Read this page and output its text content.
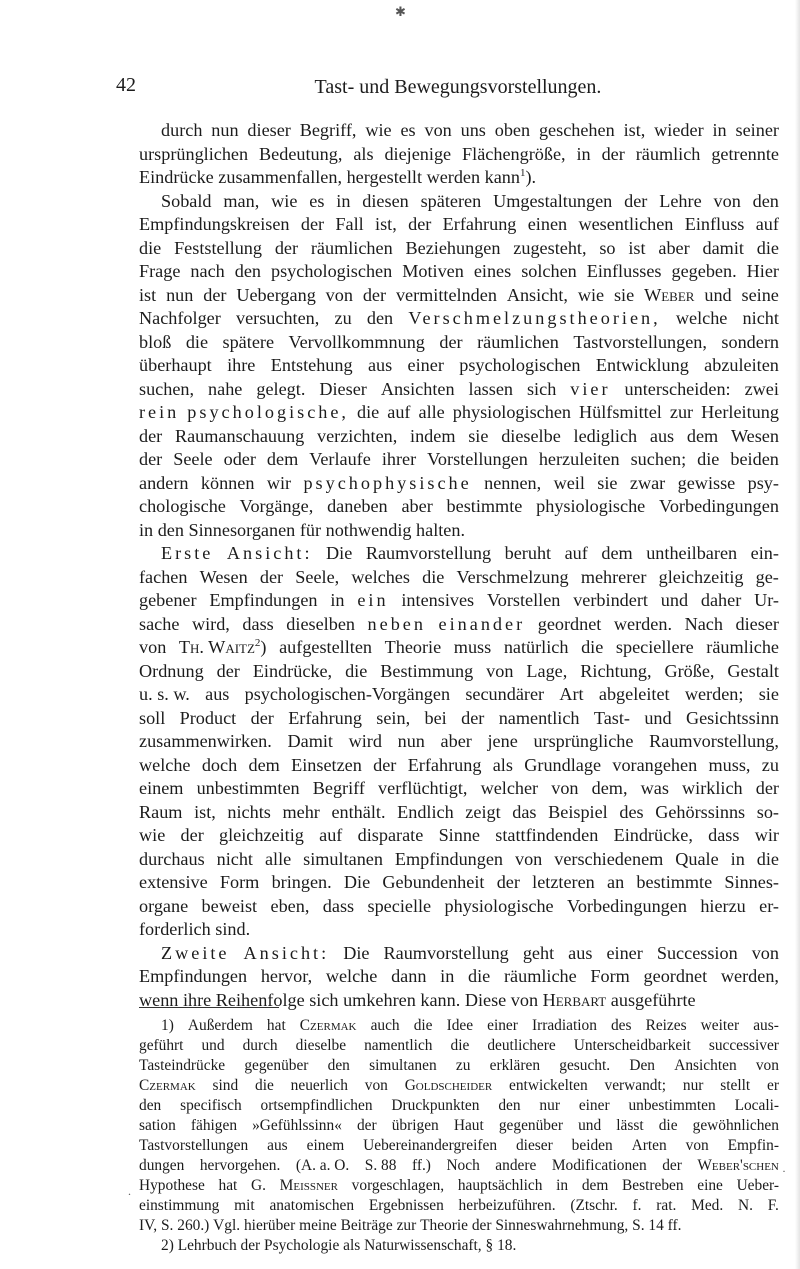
✱
42	Tast- und Bewegungsvorstellungen.
durch nun dieser Begriff, wie es von uns oben geschehen ist, wieder in seiner
ursprünglichen Bedeutung, als diejenige Flächengröße, in der räumlich getrennte
Eindrücke
zusammenfallen,
hergestellt
werden
kann$^1$).
Sobald man, wie es in diesen späteren Umgestaltungen der Lehre von den
Empfindungskreisen der Fall ist, der Erfahrung einen wesentlichen Einfluss auf
die Feststellung der räumlichen Beziehungen zugesteht, so ist aber damit die
Frage nach den psychologischen Motiven eines solchen Einflusses gegeben. Hier
ist nun der Uebergang von der vermittelnden Ansicht, wie sie Weber und seine
Nachfolger versuchten, zu den Verschmelzungstheorien, welche nicht
bloß die spätere Vervollkommnung der räumlichen Tastvorstellungen, sondern
überhaupt ihre Entstehung aus einer psychologischen Entwicklung abzuleiten
suchen, nahe gelegt. Dieser Ansichten lassen sich vier unterscheiden: zwei
rein psychologische, die auf alle physiologischen Hülfsmittel zur Herleitung
der Raumanschauung verzichten, indem sie dieselbe lediglich aus dem Wesen
der Seele oder dem Verlaufe ihrer Vorstellungen herzuleiten suchen; die beiden
andern können wir psychophysische nennen, weil sie zwar gewisse psy-
chologische Vorgänge, daneben aber bestimmte physiologische Vorbedingungen
in
den
Sinnesorganen
für
nothwendig
halten.
Erste Ansicht: Die Raumvorstellung beruht auf dem untheilbaren ein-
fachen Wesen der Seele, welches die Verschmelzung mehrerer gleichzeitig ge-
gebener Empfindungen in ein intensives Vorstellen verbindert und daher Ur-
sache wird, dass dieselben neben einander geordnet werden. Nach dieser
von Th. Waitz$^2$) aufgestellten Theorie muss natürlich die speciellere räumliche
Ordnung der Eindrücke, die Bestimmung von Lage, Richtung, Größe, Gestalt
u. s. w. aus psychologischen-Vorgängen secundärer Art abgeleitet werden; sie
soll Product der Erfahrung sein, bei der namentlich Tast- und Gesichtssinn
zusammenwirken. Damit wird nun aber jene ursprüngliche Raumvorstellung,
welche doch dem Einsetzen der Erfahrung als Grundlage vorangehen muss, zu
einem unbestimmten Begriff verflüchtigt, welcher von dem, was wirklich der
Raum ist, nichts mehr enthält. Endlich zeigt das Beispiel des Gehörssinns so-
wie der gleichzeitig auf disparate Sinne stattfindenden Eindrücke, dass wir
durchaus nicht alle simultanen Empfindungen von verschiedenem Quale in die
extensive Form bringen. Die Gebundenheit der letzteren an bestimmte Sinnes-
organe beweist eben, dass specielle physiologische Vorbedingungen hierzu er-
forderlich
sind.
Zweite Ansicht: Die Raumvorstellung geht aus einer Succession von
Empfindungen hervor, welche dann in die räumliche Form geordnet werden,
wenn
ihre
Reihenfolge
sich
umkehren
kann.
Diese
von
Herbart
ausgeführte
1) Außerdem hat Czermak auch die Idee einer Irradiation des Reizes weiter aus-
geführt und durch dieselbe namentlich die deutlichere Unterscheidbarkeit successiver
Tasteindrücke gegenüber den simultanen zu erklären gesucht. Den Ansichten von
Czermak sind die neuerlich von Goldscheider entwickelten verwandt; nur stellt er
den specifisch ortsempfindlichen Druckpunkten den nur einer unbestimmten Locali-
sation fähigen »Gefühlssinn« der übrigen Haut gegenüber und lässt die gewöhnlichen
Tastvorstellungen aus einem Uebereinandergreifen dieser beiden Arten von Empfin-
dungen hervorgehen. (A. a. O. S. 88 ff.) Noch andere Modificationen der Weber'schen
Hypothese hat G. Meissner vorgeschlagen, hauptsächlich in dem Bestreben eine Ueber-
einstimmung mit anatomischen Ergebnissen herbeizuführen. (Ztschr. f. rat. Med. N. F.
IV,
S.
260.)
Vgl.
hierüber
meine
Beiträge
zur
Theorie
der
Sinneswahrnehmung,
S.
14
ff.
2)
Lehrbuch
der
Psychologie
als
Naturwissenschaft,
§ 18.
·
.
